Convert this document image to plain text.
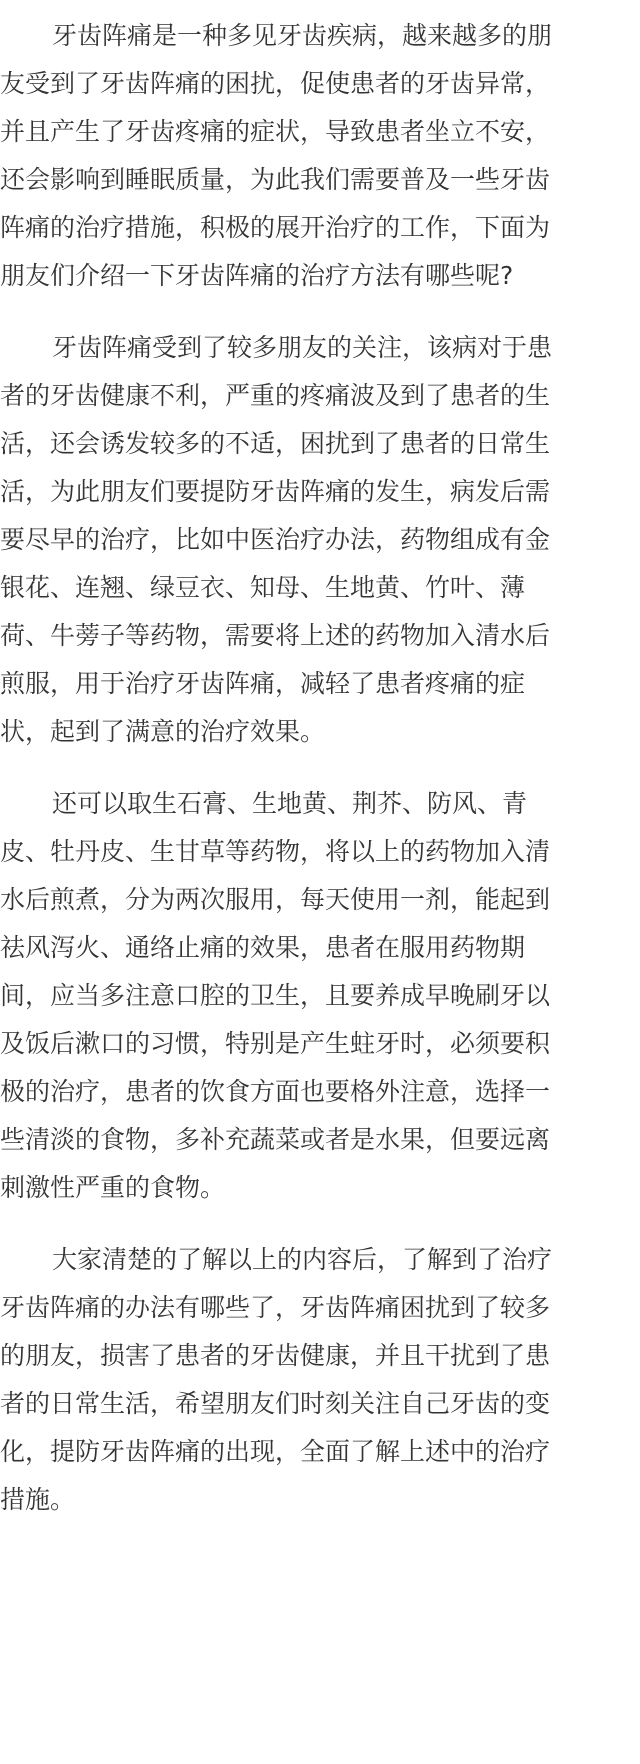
牙齿阵痛是一种多见牙齿疾病，越来越多的朋
友受到了牙齿阵痛的困扰，促使患者的牙齿异常，
并且产生了牙齿疼痛的症状，导致患者坐立不安，
还会影响到睡眠质量，为此我们需要普及一些牙齿
阵痛的治疗措施，积极的展开治疗的工作，下面为
朋友们介绍一下牙齿阵痛的治疗方法有哪些呢?

牙齿阵痛受到了较多朋友的关注，该病对于患
者的牙齿健康不利，严重的疼痛波及到了患者的生
活，还会诱发较多的不适，困扰到了患者的日常生
活，为此朋友们要提防牙齿阵痛的发生，病发后需
要尽早的治疗，比如中医治疗办法，药物组成有金
银花、连翘、绿豆衣、知母、生地黄、竹叶、薄
荷、牛蒡子等药物，需要将上述的药物加入清水后
煎服，用于治疗牙齿阵痛，减轻了患者疼痛的症
状，起到了满意的治疗效果。

还可以取生石膏、生地黄、荆芥、防风、青
皮、牡丹皮、生甘草等药物，将以上的药物加入清
水后煎煮，分为两次服用，每天使用一剂，能起到
祛风泻火、通络止痛的效果，患者在服用药物期
间，应当多注意口腔的卫生，且要养成早晚刷牙以
及饭后漱口的习惯，特别是产生蛀牙时，必须要积
极的治疗，患者的饮食方面也要格外注意，选择一
些清淡的食物，多补充蔬菜或者是水果，但要远离
刺激性严重的食物。

大家清楚的了解以上的内容后，了解到了治疗
牙齿阵痛的办法有哪些了，牙齿阵痛困扰到了较多
的朋友，损害了患者的牙齿健康，并且干扰到了患
者的日常生活，希望朋友们时刻关注自己牙齿的变
化，提防牙齿阵痛的出现，全面了解上述中的治疗
措施。
